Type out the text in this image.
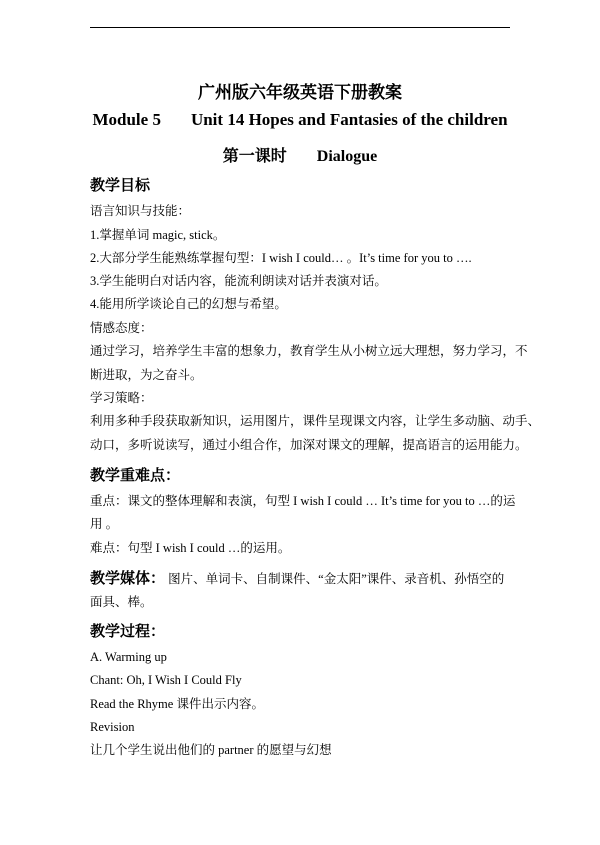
广州版六年级英语下册教案
Module 5 Unit 14 Hopes and Fantasies of the children
第一课时 Dialogue
教学目标
语言知识与技能：
1.掌握单词 magic, stick。
2.大部分学生能熟练掌握句型：I wish I could… 。It’s time for you to ….
3.学生能明白对话内容，能流利朗读对话并表演对话。
4.能用所学谈论自己的幻想与希望。
情感态度：
通过学习，培养学生丰富的想象力，教育学生从小树立远大理想，努力学习，不
断进取，为之奋斗。
学习策略：
利用多种手段获取新知识，运用图片，课件呈现课文内容，让学生多动脑、动手、
动口，多听说读写，通过小组合作，加深对课文的理解，提高语言的运用能力。
教学重难点：
重点：课文的整体理解和表演，句型 I wish I could … It’s time for you to …的运
用 。
难点：句型 I wish I could …的运用。
教学媒体： 图片、单词卡、自制课件、“金太阳”课件、录音机、孙悟空的
面具、棒。
教学过程：
A. Warming up
Chant: Oh, I Wish I Could Fly
Read the Rhyme 课件出示内容。
Revision
让几个学生说出他们的 partner 的愿望与幻想
